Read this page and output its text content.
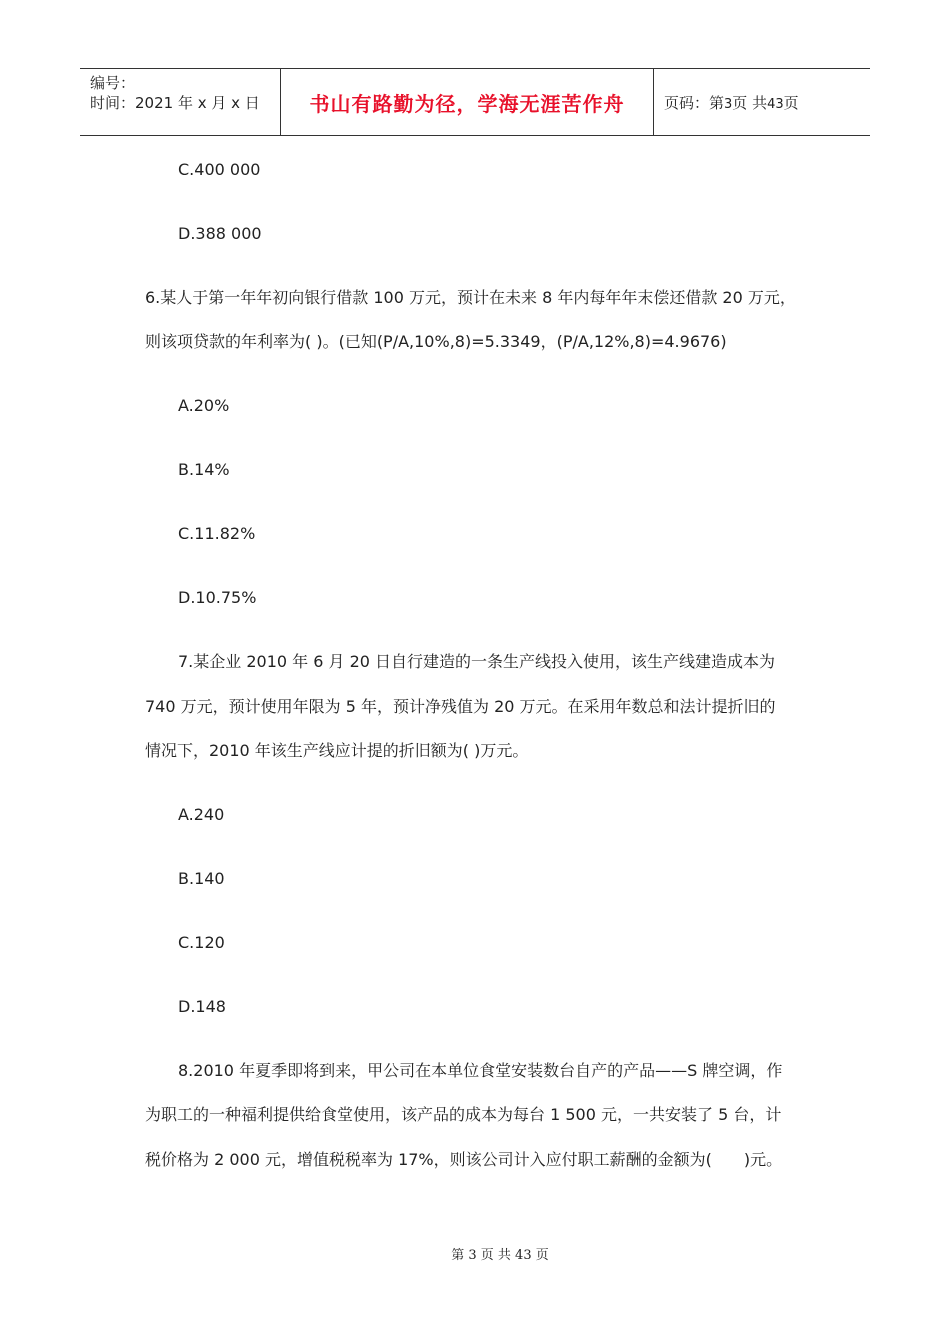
编号：
时间：2021 年 x 月 x 日	书山有路勤为径，学海无涯苦作舟	页码：第3页 共43页
C.400 000
D.388 000
6.某人于第一年年初向银行借款 100 万元，预计在未来 8 年内每年年末偿还借款 20 万元，
则该项贷款的年利率为( )。(已知(P/A,10%,8)=5.3349，(P/A,12%,8)=4.9676)
A.20%
B.14%
C.11.82%
D.10.75%
7.某企业 2010 年 6 月 20 日自行建造的一条生产线投入使用，该生产线建造成本为
740 万元，预计使用年限为 5 年，预计净残值为 20 万元。在采用年数总和法计提折旧的
情况下，2010 年该生产线应计提的折旧额为( )万元。
A.240
B.140
C.120
D.148
8.2010 年夏季即将到来，甲公司在本单位食堂安装数台自产的产品——S 牌空调，作
为职工的一种福利提供给食堂使用，该产品的成本为每台 1 500 元，一共安装了 5 台，计
税价格为 2 000 元，增值税税率为 17%，则该公司计入应付职工薪酬的金额为(　　)元。
第 3 页 共 43 页
